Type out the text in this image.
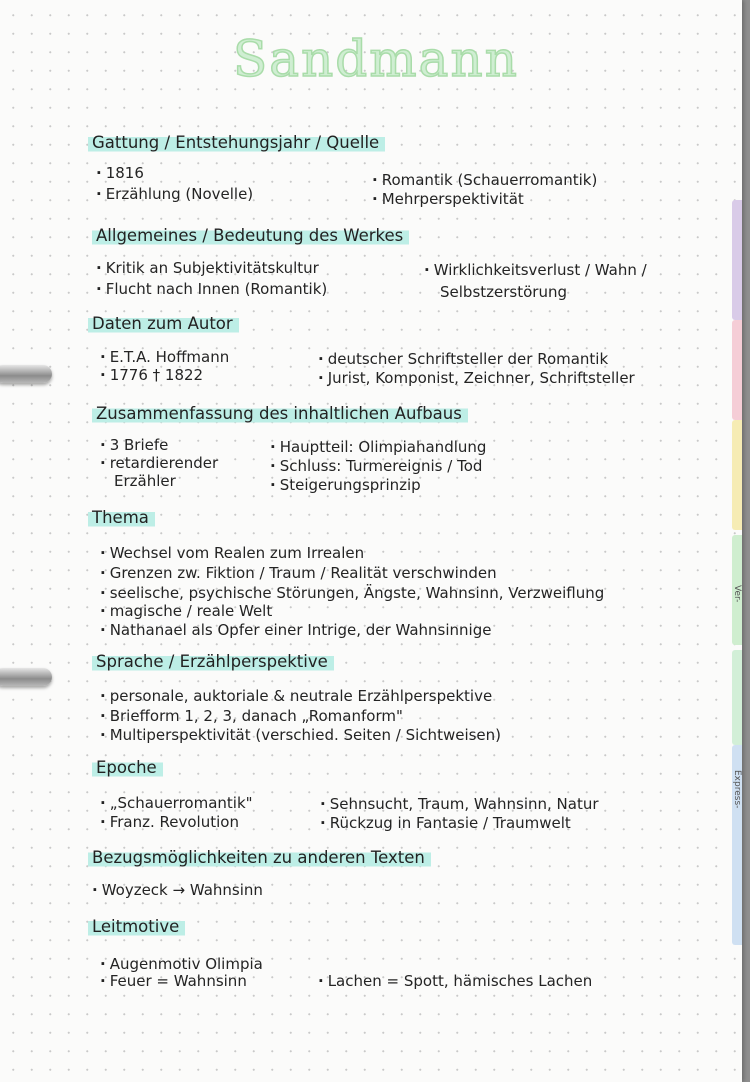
Ver-
Express-
Sandmann
Gattung / Entstehungsjahr / Quelle
· 1816
· Erzählung (Novelle)
· Romantik (Schauerromantik)
· Mehrperspektivität
Allgemeines / Bedeutung des Werkes
· Kritik an Subjektivitätskultur
· Flucht nach Innen (Romantik)
· Wirklichkeitsverlust / Wahn /
Selbstzerstörung
Daten zum Autor
· E.T.A. Hoffmann
· 1776 † 1822
· deutscher Schriftsteller der Romantik
· Jurist, Komponist, Zeichner, Schriftsteller
Zusammenfassung des inhaltlichen Aufbaus
· 3 Briefe
· retardierender
Erzähler
· Hauptteil: Olimpiahandlung
· Schluss: Turmereignis / Tod
· Steigerungsprinzip
Thema
· Wechsel vom Realen zum Irrealen
· Grenzen zw. Fiktion / Traum / Realität verschwinden
· seelische, psychische Störungen, Ängste, Wahnsinn, Verzweiflung
· magische / reale Welt
· Nathanael als Opfer einer Intrige, der Wahnsinnige
Sprache / Erzählperspektive
· personale, auktoriale & neutrale Erzählperspektive
· Briefform 1, 2, 3, danach „Romanform"
· Multiperspektivität (verschied. Seiten / Sichtweisen)
Epoche
· „Schauerromantik"
· Franz. Revolution
· Sehnsucht, Traum, Wahnsinn, Natur
· Rückzug in Fantasie / Traumwelt
Bezugsmöglichkeiten zu anderen Texten
· Woyzeck → Wahnsinn
Leitmotive
· Augenmotiv Olimpia
· Feuer = Wahnsinn
·	Lachen = Spott, hämisches Lachen
